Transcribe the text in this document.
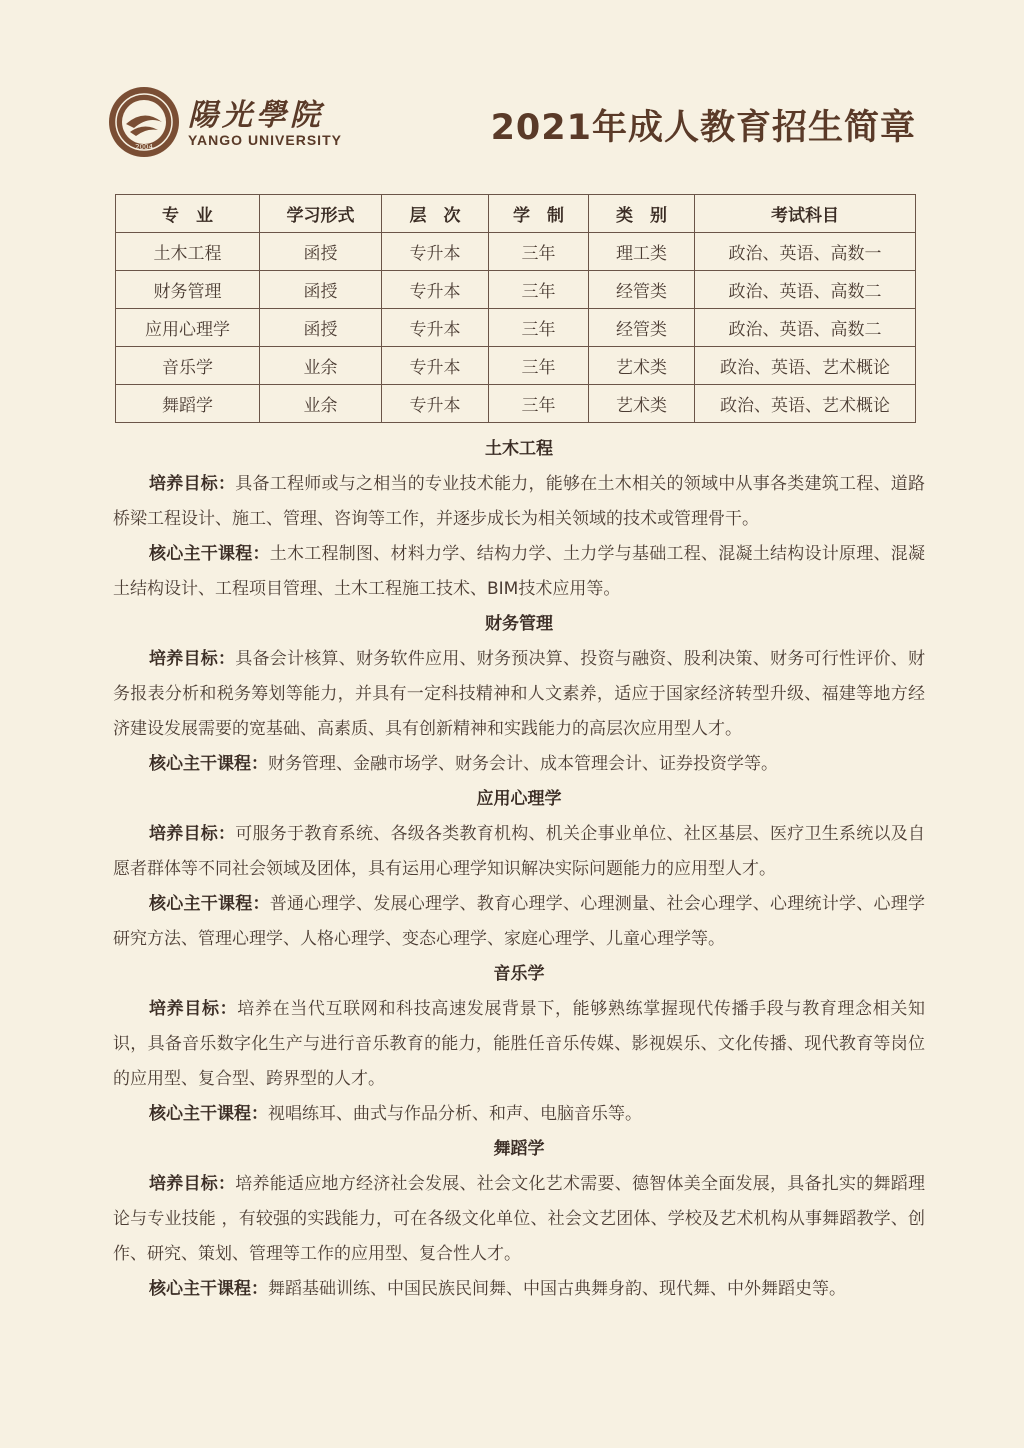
2004
陽光學院
YANGO UNIVERSITY	2021年成人教育招生简章
专　业	学习形式	层　次	学　制	类　别	考试科目
土木工程	函授	专升本	三年	理工类	政治、英语、高数一
财务管理	函授	专升本	三年	经管类	政治、英语、高数二
应用心理学	函授	专升本	三年	经管类	政治、英语、高数二
音乐学	业余	专升本	三年	艺术类	政治、英语、艺术概论
舞蹈学	业余	专升本	三年	艺术类	政治、英语、艺术概论
土木工程

培养目标：具备工程师或与之相当的专业技术能力，能够在土木相关的领域中从事各类建筑工程、道路桥梁工程设计、施工、管理、咨询等工作，并逐步成长为相关领域的技术或管理骨干。

核心主干课程：土木工程制图、材料力学、结构力学、土力学与基础工程、混凝土结构设计原理、混凝土结构设计、工程项目管理、土木工程施工技术、BIM技术应用等。

财务管理

培养目标：具备会计核算、财务软件应用、财务预决算、投资与融资、股利决策、财务可行性评价、财务报表分析和税务筹划等能力，并具有一定科技精神和人文素养，适应于国家经济转型升级、福建等地方经济建设发展需要的宽基础、高素质、具有创新精神和实践能力的高层次应用型人才。

核心主干课程：财务管理、金融市场学、财务会计、成本管理会计、证券投资学等。

应用心理学

培养目标：可服务于教育系统、各级各类教育机构、机关企事业单位、社区基层、医疗卫生系统以及自愿者群体等不同社会领域及团体，具有运用心理学知识解决实际问题能力的应用型人才。

核心主干课程：普通心理学、发展心理学、教育心理学、心理测量、社会心理学、心理统计学、心理学研究方法、管理心理学、人格心理学、变态心理学、家庭心理学、儿童心理学等。

音乐学

培养目标：培养在当代互联网和科技高速发展背景下，能够熟练掌握现代传播手段与教育理念相关知识，具备音乐数字化生产与进行音乐教育的能力，能胜任音乐传媒、影视娱乐、文化传播、现代教育等岗位的应用型、复合型、跨界型的人才。

核心主干课程：视唱练耳、曲式与作品分析、和声、电脑音乐等。

舞蹈学

培养目标：培养能适应地方经济社会发展、社会文化艺术需要、德智体美全面发展，具备扎实的舞蹈理论与专业技能 ，有较强的实践能力，可在各级文化单位、社会文艺团体、学校及艺术机构从事舞蹈教学、创作、研究、策划、管理等工作的应用型、复合性人才。

核心主干课程：舞蹈基础训练、中国民族民间舞、中国古典舞身韵、现代舞、中外舞蹈史等。
